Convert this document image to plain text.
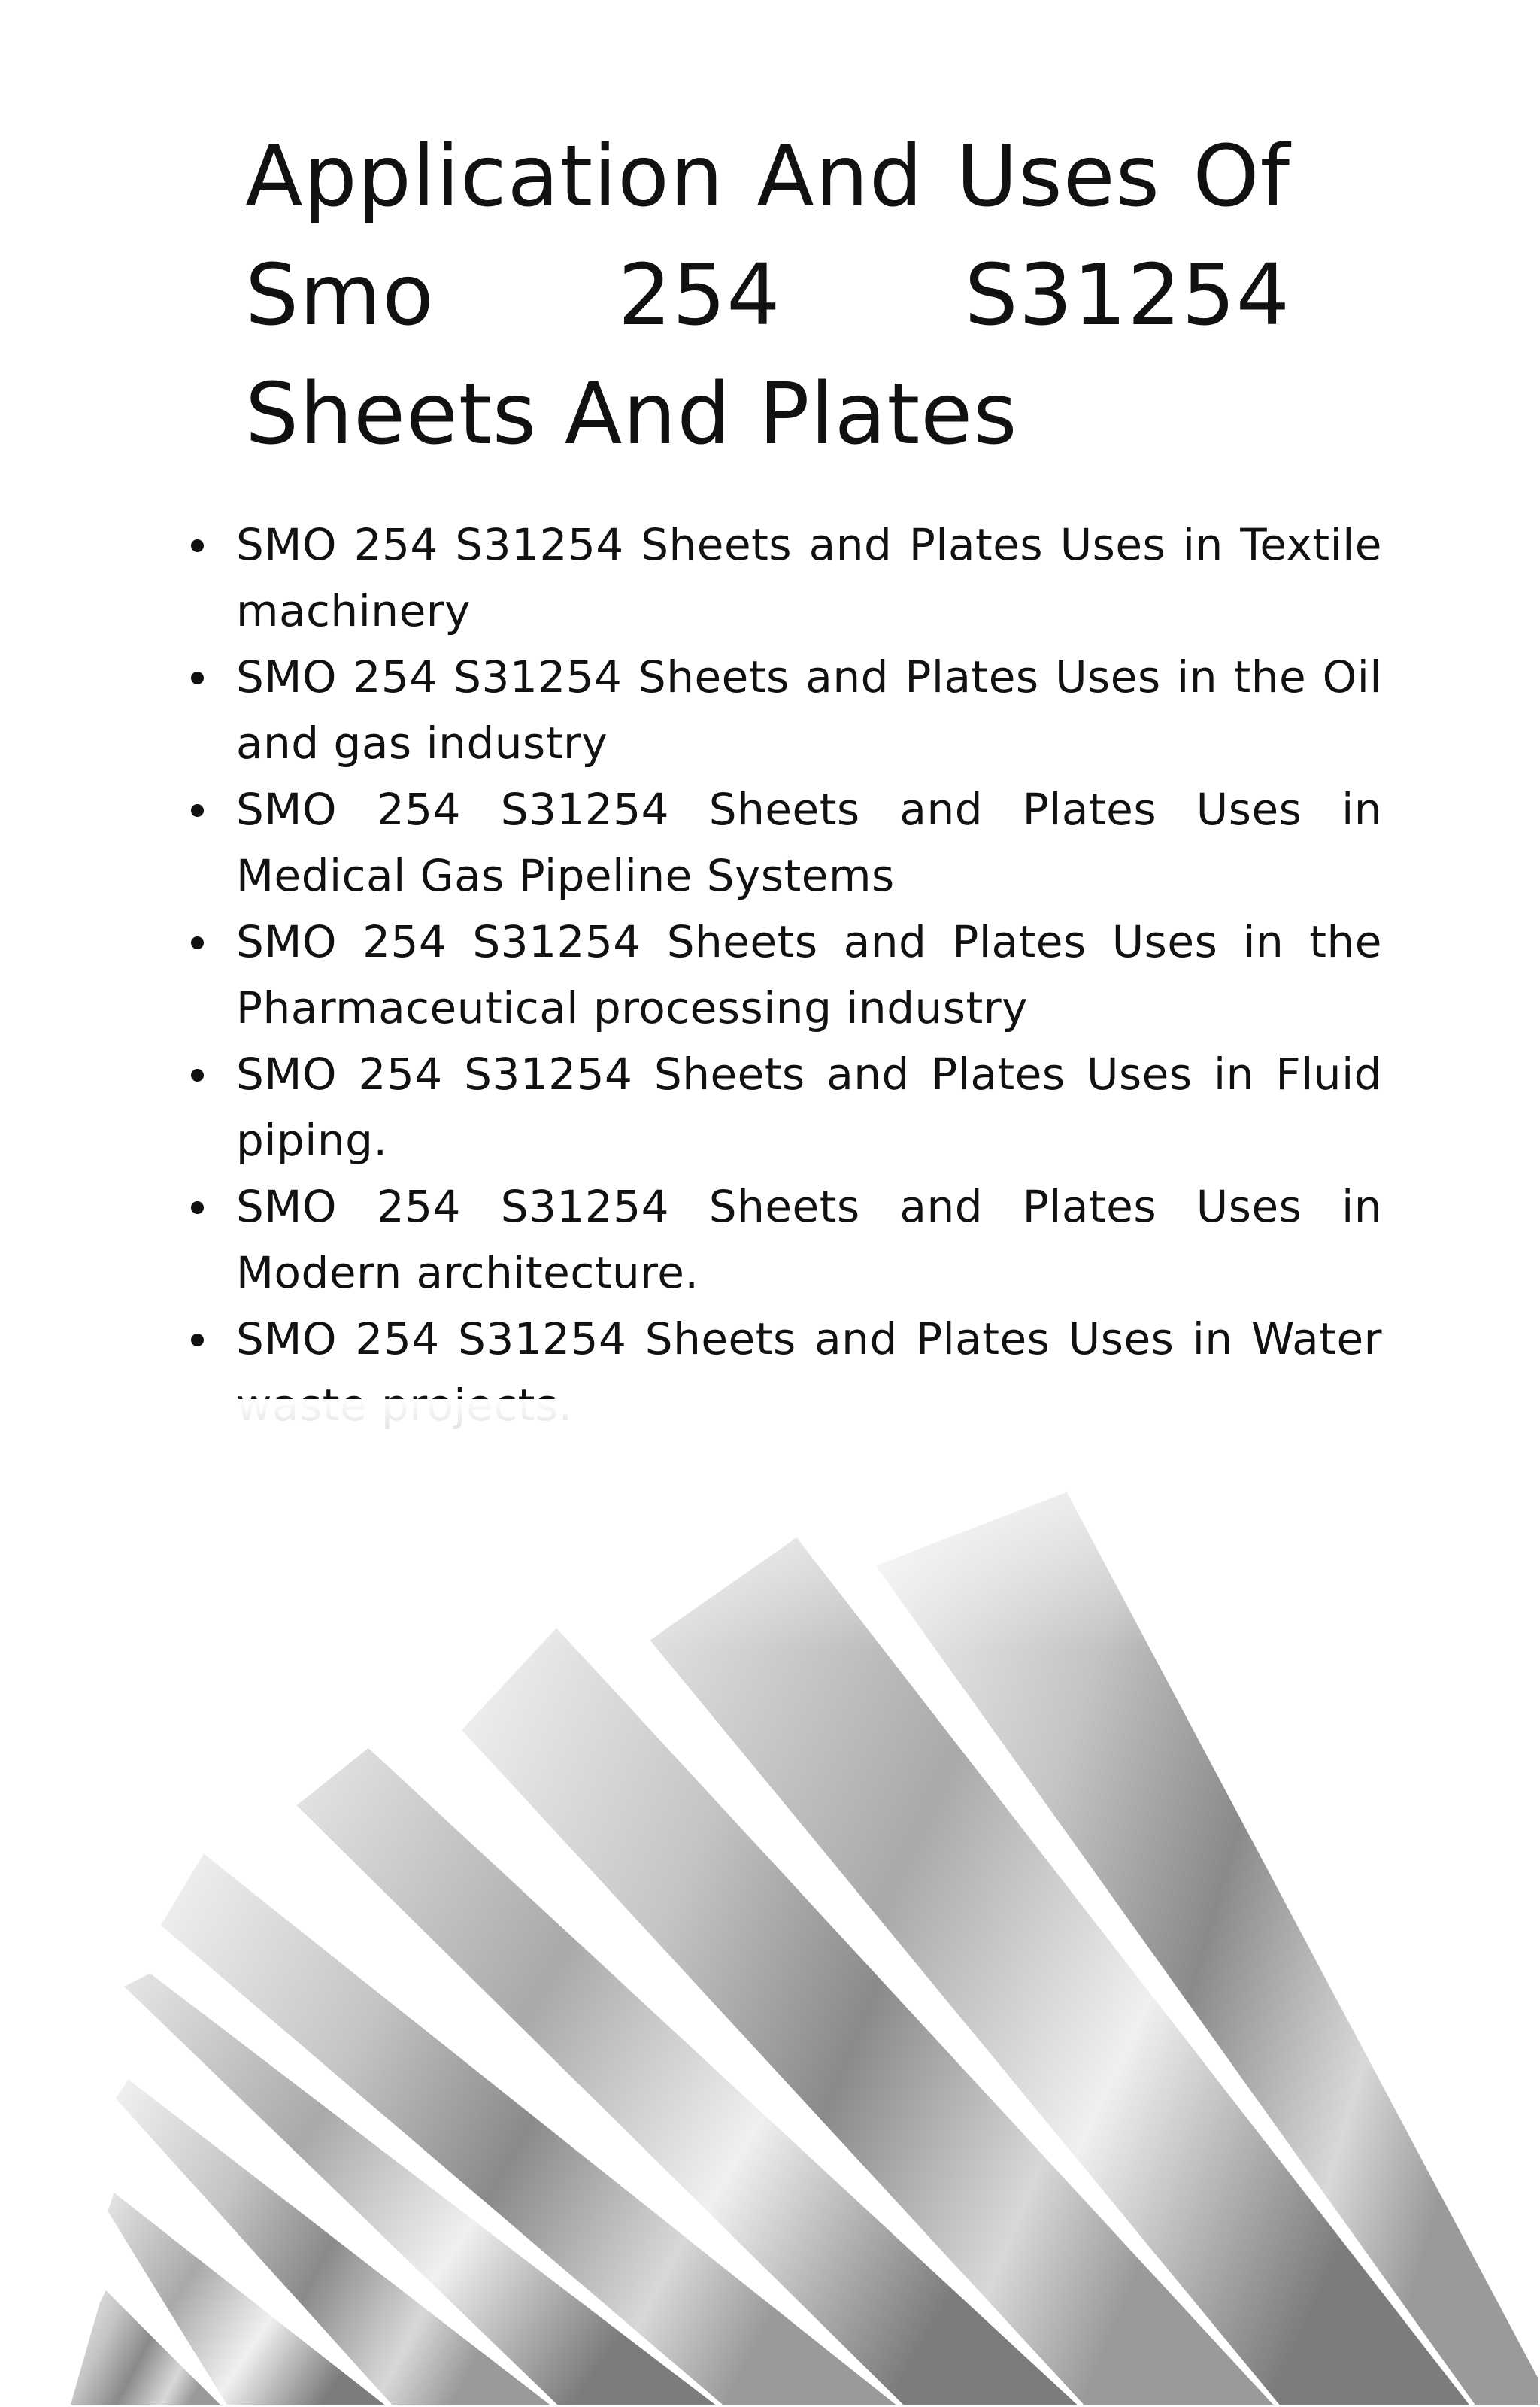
Application And Uses Of Smo 254 S31254 Sheets And Plates
SMO 254 S31254 Sheets and Plates Uses in Textile machinery
SMO 254 S31254 Sheets and Plates Uses in the Oil and gas industry
SMO 254 S31254 Sheets and Plates Uses in Medical Gas Pipeline Systems
SMO 254 S31254 Sheets and Plates Uses in the Pharmaceutical processing industry
SMO 254 S31254 Sheets and Plates Uses in Fluid piping.
SMO 254 S31254 Sheets and Plates Uses in Modern architecture.
SMO 254 S31254 Sheets and Plates Uses in Water
